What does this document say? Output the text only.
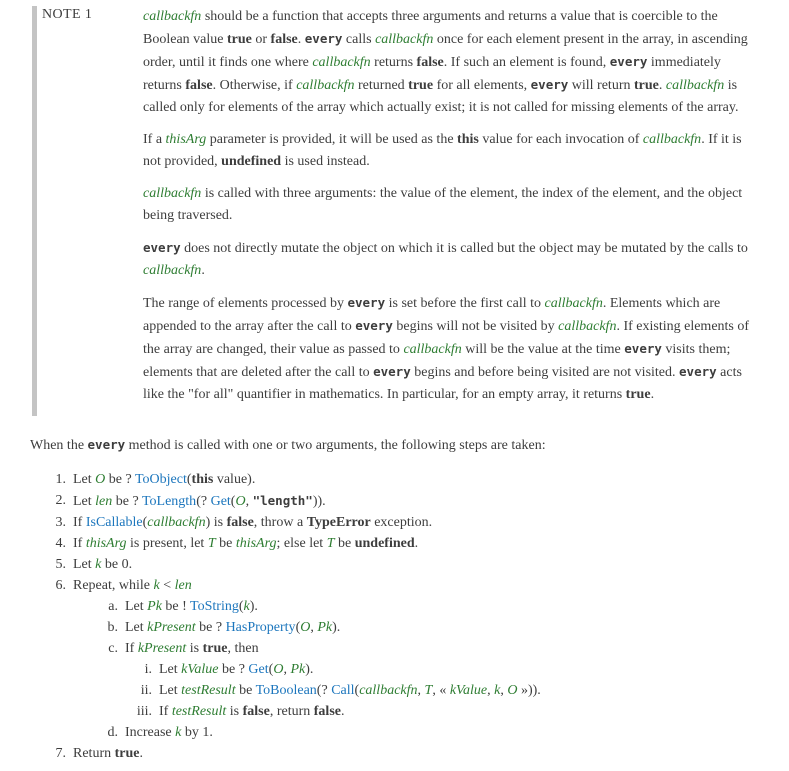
NOTE 1	callbackfn should be a function that accepts three arguments and returns a value that is coercible to the Boolean value true or false. every calls callbackfn once for each element present in the array, in ascending order, until it finds one where callbackfn returns false. If such an element is found, every immediately returns false. Otherwise, if callbackfn returned true for all elements, every will return true. callbackfn is called only for elements of the array which actually exist; it is not called for missing elements of the array.

If a thisArg parameter is provided, it will be used as the this value for each invocation of callbackfn. If it is not provided, undefined is used instead.

callbackfn is called with three arguments: the value of the element, the index of the element, and the object being traversed.

every does not directly mutate the object on which it is called but the object may be mutated by the calls to callbackfn.

The range of elements processed by every is set before the first call to callbackfn. Elements which are appended to the array after the call to every begins will not be visited by callbackfn. If existing elements of the array are changed, their value as passed to callbackfn will be the value at the time every visits them; elements that are deleted after the call to every begins and before being visited are not visited. every acts like the "for all" quantifier in mathematics. In particular, for an empty array, it returns true.

When the every method is called with one or two arguments, the following steps are taken:

1. Let O be ? ToObject(this value).
2. Let len be ? ToLength(? Get(O, "length")).
3. If IsCallable(callbackfn) is false, throw a TypeError exception.
4. If thisArg is present, let T be thisArg; else let T be undefined.
5. Let k be 0.
6. Repeat, while k < len
a. Let Pk be ! ToString(k).
b. Let kPresent be ? HasProperty(O, Pk).
c. If kPresent is true, then
i. Let kValue be ? Get(O, Pk).
ii. Let testResult be ToBoolean(? Call(callbackfn, T, « kValue, k, O »)).
iii. If testResult is false, return false.
d. Increase k by 1.
7. Return true.
